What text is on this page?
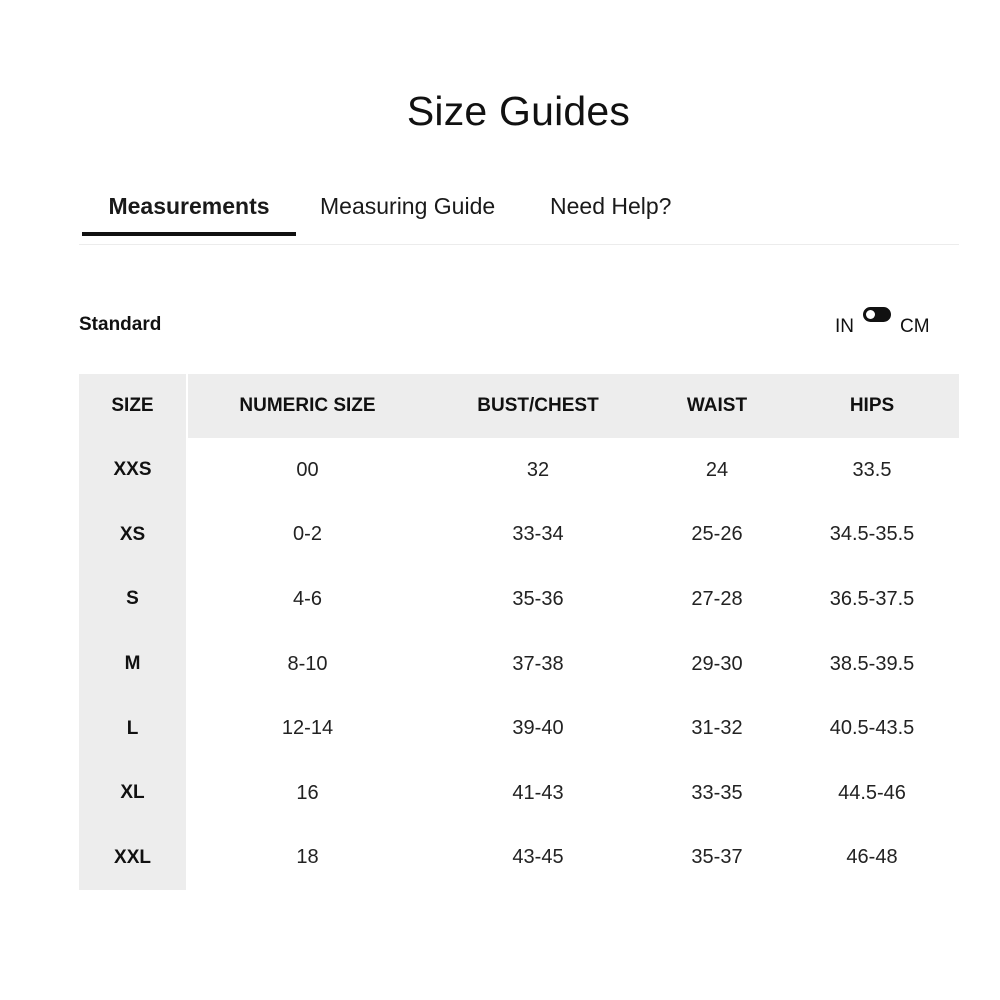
Size Guides
Measurements	Measuring Guide Need Help?
Standard	IN CM
SIZE	NUMERIC SIZE	BUST/CHEST	WAIST	HIPS
XXS	00	32	24	33.5
XS	0-2	33-34	25-26	34.5-35.5
S	4-6	35-36	27-28	36.5-37.5
M	8-10	37-38	29-30	38.5-39.5
L	12-14	39-40	31-32	40.5-43.5
XL	16	41-43	33-35	44.5-46
XXL	18	43-45	35-37	46-48
